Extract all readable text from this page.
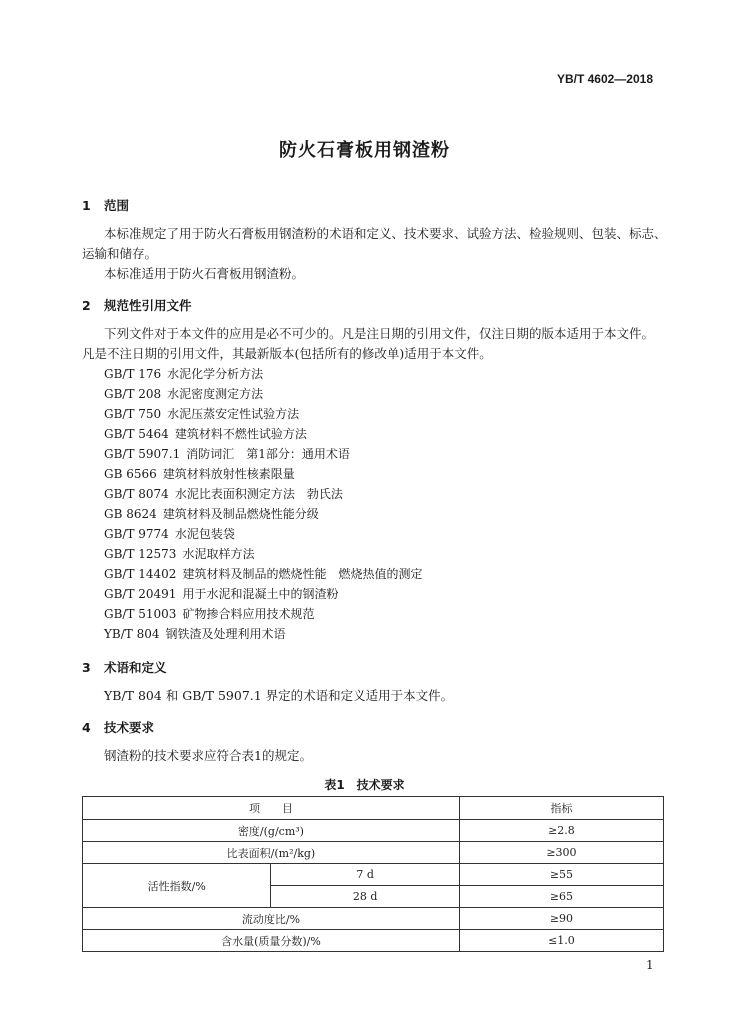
YB/T 4602—2018
防火石膏板用钢渣粉
1 范围
本标准规定了用于防火石膏板用钢渣粉的术语和定义、技术要求、试验方法、检验规则、包装、标志、
运输和储存。
本标准适用于防火石膏板用钢渣粉。
2 规范性引用文件
下列文件对于本文件的应用是必不可少的。凡是注日期的引用文件，仅注日期的版本适用于本文件。
凡是不注日期的引用文件，其最新版本(包括所有的修改单)适用于本文件。
GB/T 176 水泥化学分析方法
GB/T 208 水泥密度测定方法
GB/T 750 水泥压蒸安定性试验方法
GB/T 5464 建筑材料不燃性试验方法
GB/T 5907.1 消防词汇　第1部分：通用术语
GB 6566 建筑材料放射性核素限量
GB/T 8074 水泥比表面积测定方法　勃氏法
GB 8624 建筑材料及制品燃烧性能分级
GB/T 9774 水泥包装袋
GB/T 12573 水泥取样方法
GB/T 14402 建筑材料及制品的燃烧性能　燃烧热值的测定
GB/T 20491 用于水泥和混凝土中的钢渣粉
GB/T 51003 矿物掺合料应用技术规范
YB/T 804 钢铁渣及处理利用术语
3 术语和定义
YB/T 804 和 GB/T 5907.1 界定的术语和定义适用于本文件。
4 技术要求
钢渣粉的技术要求应符合表1的规定。
表1　技术要求
项　　目		指标
密度/(g/cm³)		≥2.8
比表面积/(m²/kg)		≥300
活性指数/%	7 d	≥55
	28 d	≥65
流动度比/%		≥90
含水量(质量分数)/%		≤1.0
1
